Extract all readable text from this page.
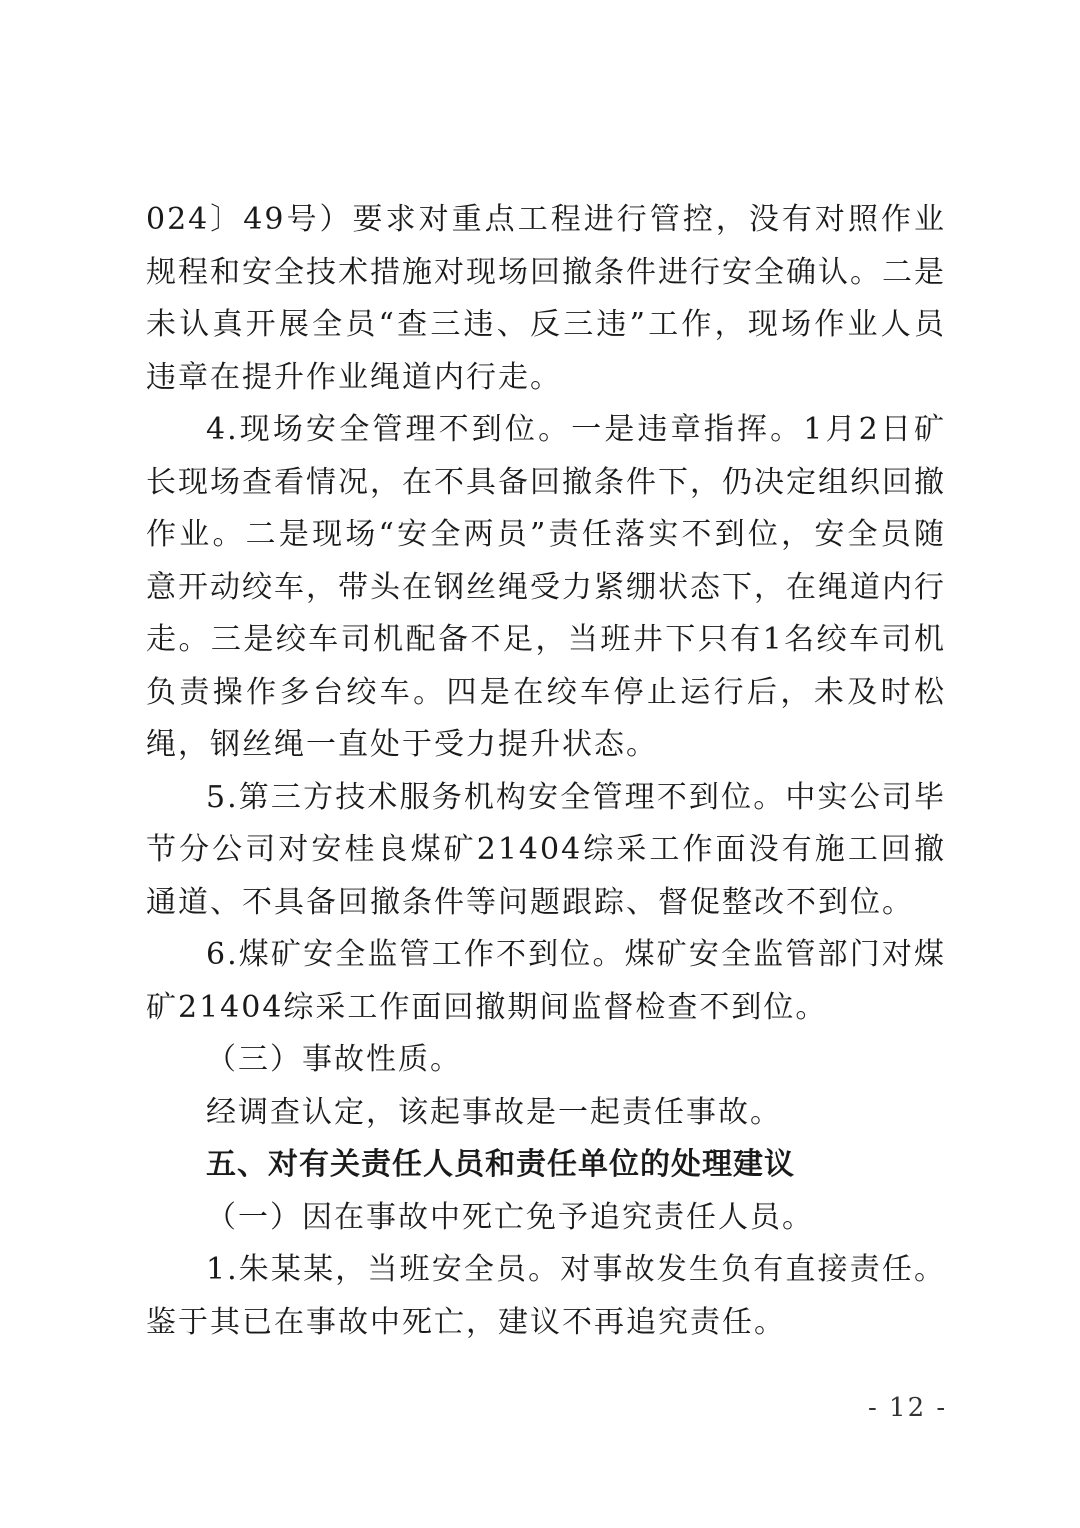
024〕49号）要求对重点工程进行管控，没有对照作业规程和安全技术措施对现场回撤条件进行安全确认。二是未认真开展全员“查三违、反三违”工作，现场作业人员违章在提升作业绳道内行走。

4.现场安全管理不到位。一是违章指挥。1月2日矿长现场查看情况，在不具备回撤条件下，仍决定组织回撤作业。二是现场“安全两员”责任落实不到位，安全员随意开动绞车，带头在钢丝绳受力紧绷状态下，在绳道内行走。三是绞车司机配备不足，当班井下只有1名绞车司机负责操作多台绞车。四是在绞车停止运行后，未及时松绳，钢丝绳一直处于受力提升状态。

5.第三方技术服务机构安全管理不到位。中实公司毕节分公司对安桂良煤矿21404综采工作面没有施工回撤通道、不具备回撤条件等问题跟踪、督促整改不到位。

6.煤矿安全监管工作不到位。煤矿安全监管部门对煤矿21404综采工作面回撤期间监督检查不到位。

（三）事故性质。

经调查认定，该起事故是一起责任事故。

五、对有关责任人员和责任单位的处理建议

（一）因在事故中死亡免予追究责任人员。

1.朱某某，当班安全员。对事故发生负有直接责任。鉴于其已在事故中死亡，建议不再追究责任。

- 12 -
